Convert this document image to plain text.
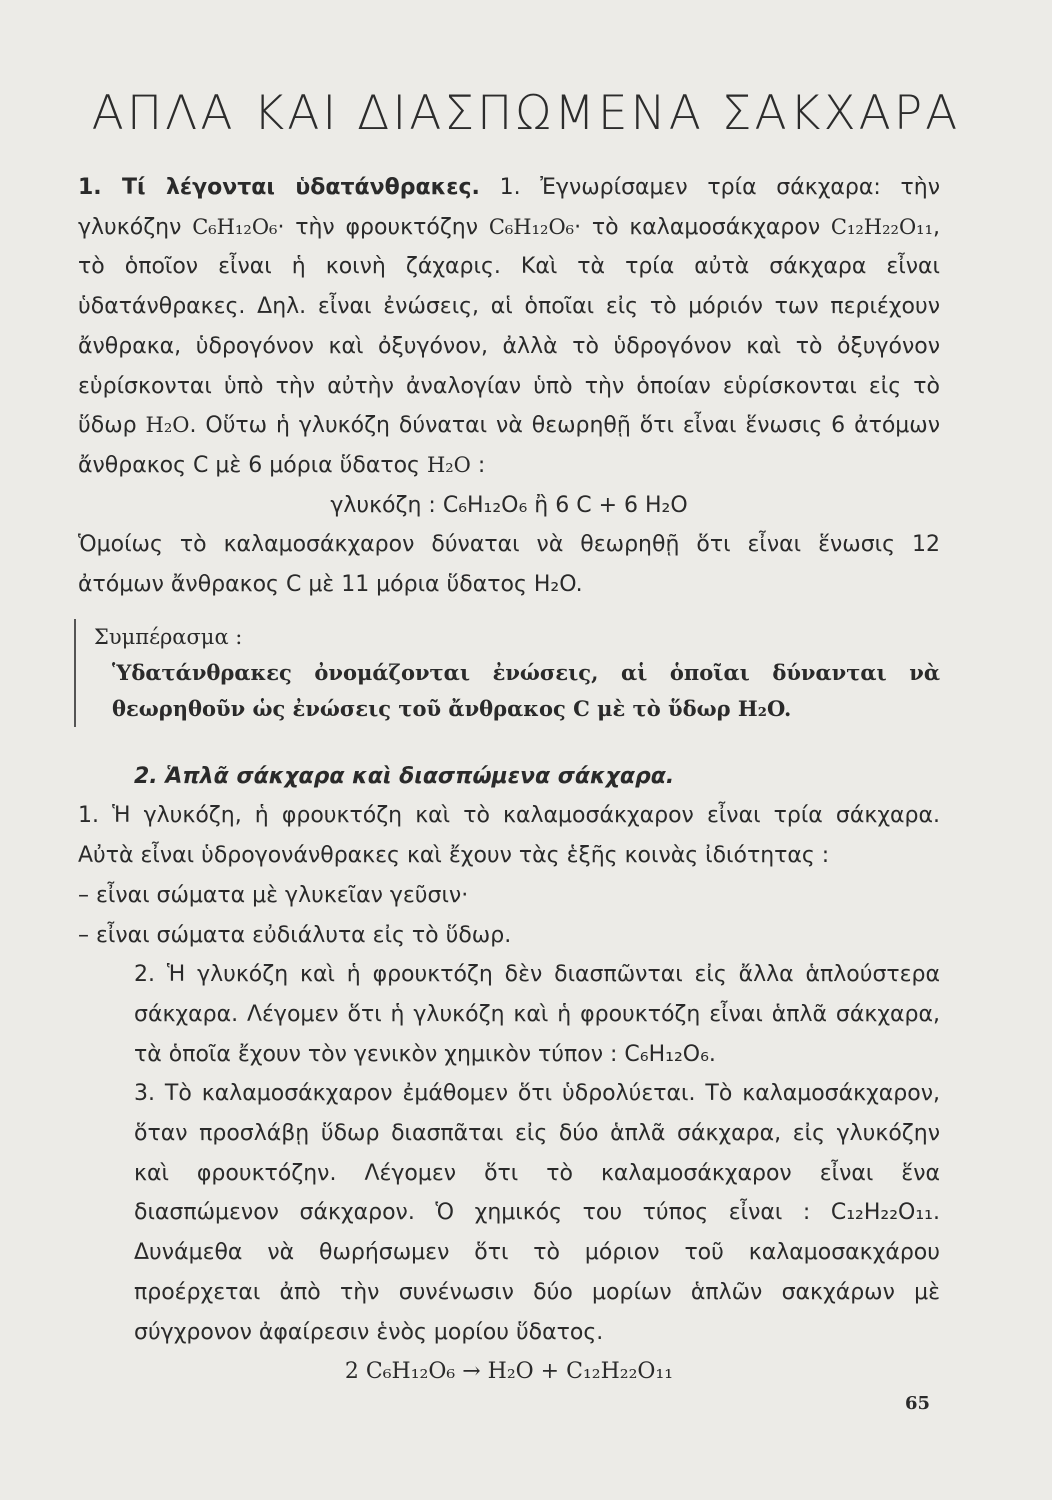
ΑΠΛΑ ΚΑΙ ΔΙΑΣΠΩΜΕΝΑ ΣΑΚΧΑΡΑ

1. Τί λέγονται ὑδατάνθρακες. 1. Ἐγνωρίσαμεν τρία σάκχαρα: τὴν γλυκόζην C₆H₁₂O₆· τὴν φρουκτόζην C₆H₁₂O₆· τὸ καλαμοσάκχαρον C₁₂H₂₂O₁₁, τὸ ὁποῖον εἶναι ἡ κοινὴ ζάχαρις. Καὶ τὰ τρία αὐτὰ σάκχαρα εἶναι ὑδατάνθρακες. Δηλ. εἶναι ἐνώσεις, αἱ ὁποῖαι εἰς τὸ μόριόν των περιέχουν ἄνθρακα, ὑδρογόνον καὶ ὀξυγόνον, ἀλλὰ τὸ ὑδρογόνον καὶ τὸ ὀξυγόνον εὑρίσκονται ὑπὸ τὴν αὐτὴν ἀναλογίαν ὑπὸ τὴν ὁποίαν εὑρίσκονται εἰς τὸ ὕδωρ H₂O. Οὕτω ἡ γλυκόζη δύναται νὰ θεωρηθῇ ὅτι εἶναι ἕνωσις 6 ἀτόμων ἄνθρακος C μὲ 6 μόρια ὕδατος H₂O :

γλυκόζη : C₆H₁₂O₆ ἢ 6 C + 6 H₂O

Ὁμοίως τὸ καλαμοσάκχαρον δύναται νὰ θεωρηθῇ ὅτι εἶναι ἕνωσις 12 ἀτόμων ἄνθρακος C μὲ 11 μόρια ὕδατος H₂O.

Συμπέρασμα :
Ὑδατάνθρακες ὀνομάζονται ἐνώσεις, αἱ ὁποῖαι δύνανται νὰ θεωρηθοῦν ὡς ἐνώσεις τοῦ ἄνθρακος C μὲ τὸ ὕδωρ H₂O.

2. Ἁπλᾶ σάκχαρα καὶ διασπώμενα σάκχαρα.

1. Ἡ γλυκόζη, ἡ φρουκτόζη καὶ τὸ καλαμοσάκχαρον εἶναι τρία σάκχαρα. Αὐτὰ εἶναι ὑδρογονάνθρακες καὶ ἔχουν τὰς ἑξῆς κοινὰς ἰδιότητας :

– εἶναι σώματα μὲ γλυκεῖαν γεῦσιν·

– εἶναι σώματα εὐδιάλυτα εἰς τὸ ὕδωρ.

2. Ἡ γλυκόζη καὶ ἡ φρουκτόζη δὲν διασπῶνται εἰς ἄλλα ἁπλούστερα σάκχαρα. Λέγομεν ὅτι ἡ γλυκόζη καὶ ἡ φρουκτόζη εἶναι ἁπλᾶ σάκχαρα, τὰ ὁποῖα ἔχουν τὸν γενικὸν χημικὸν τύπον : C₆H₁₂O₆.

3. Τὸ καλαμοσάκχαρον ἐμάθομεν ὅτι ὑδρολύεται. Τὸ καλαμοσάκχαρον, ὅταν προσλάβῃ ὕδωρ διασπᾶται εἰς δύο ἁπλᾶ σάκχαρα, εἰς γλυκόζην καὶ φρουκτόζην. Λέγομεν ὅτι τὸ καλαμοσάκχαρον εἶναι ἕνα διασπώμενον σάκχαρον. Ὁ χημικός του τύπος εἶναι : C₁₂H₂₂O₁₁. Δυνάμεθα νὰ θωρήσωμεν ὅτι τὸ μόριον τοῦ καλαμοσακχάρου προέρχεται ἀπὸ τὴν συνένωσιν δύο μορίων ἁπλῶν σακχάρων μὲ σύγχρονον ἀφαίρεσιν ἑνὸς μορίου ὕδατος.

2 C₆H₁₂O₆ → H₂O + C₁₂H₂₂O₁₁

65
